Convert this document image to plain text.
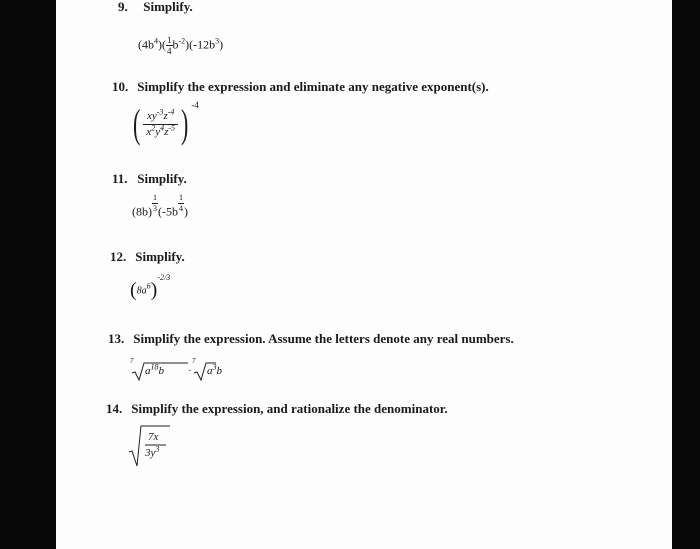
9. Simplify.
$(4b^4)( \frac{1}{4} b^{-2})(-12b^3)$
10. Simplify the expression and eliminate any negative exponent(s).
( $\frac{xy^{-3}z^{-4}}{x^2y^4z^{-5}}$ ) $^{-4}$
11. Simplify.
$(8b) \frac{1}{3} (-5b \frac{1}{4}$ )
12. Simplify.
$(8a^6)^{-2/3}$
13. Simplify the expression. Assume the letters denote any real numbers.
7
$a^{18}b$ ·
7
$a^3b$
14. Simplify the expression, and rationalize the denominator.
7x
$3y^3$
